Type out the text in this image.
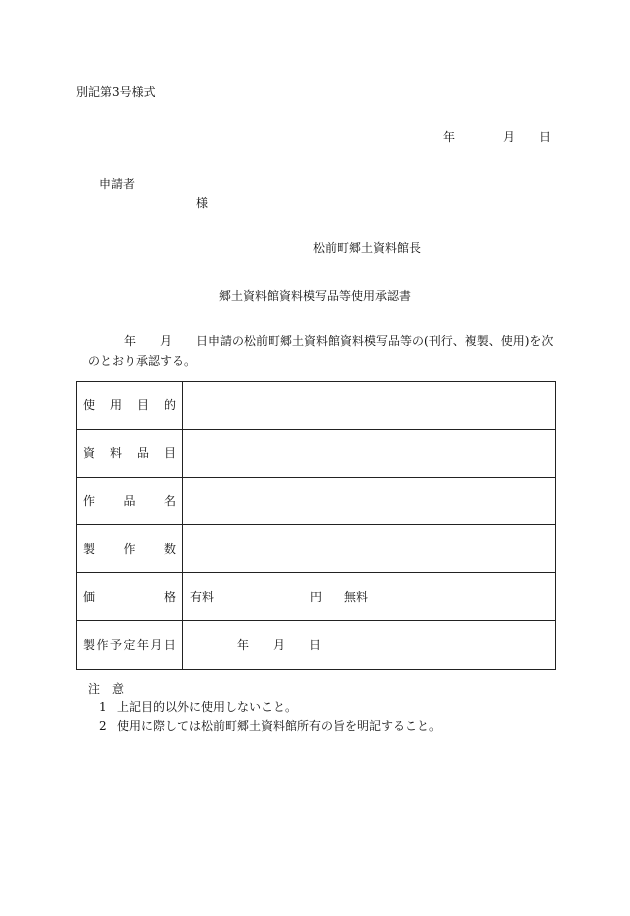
別記第3号様式
年	月 日
申請者
様
松前町郷土資料館長
郷土資料館資料模写品等使用承認書
年 月 日申請の松前町郷土資料館資料模写品等の(刊行、複製、使用)を次
のとおり承認する。
使 用 目 的
資 料 品 目
作 品 名
製 作 数
価	格 有料	円 無料
製 作 予 定 年 月 日	年 月 日
注　意
1 上記目的以外に使用しないこと。
2 使用に際しては松前町郷土資料館所有の旨を明記すること。
